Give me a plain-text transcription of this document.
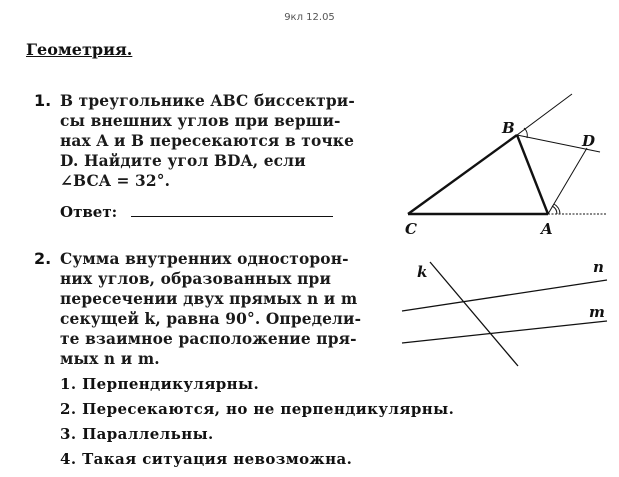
9кл 12.05
Геометрия.
1. В треугольнике ABC биссектри-
сы внешних углов при верши-
нах A и B пересекаются в точке
D. Найдите угол BDA, если
∠BCA = 32°.
Ответ:
2. Сумма внутренних односторон-
них углов, образованных при
пересечении двух прямых n и m
секущей k, равна 90°. Определи-
те взаимное расположение пря-
мых n и m.
1. Перпендикулярны.
2. Пересекаются, но не перпендикулярны.
3. Параллельны.
4. Такая ситуация невозможна.
B
D
C	A
k	n
m
